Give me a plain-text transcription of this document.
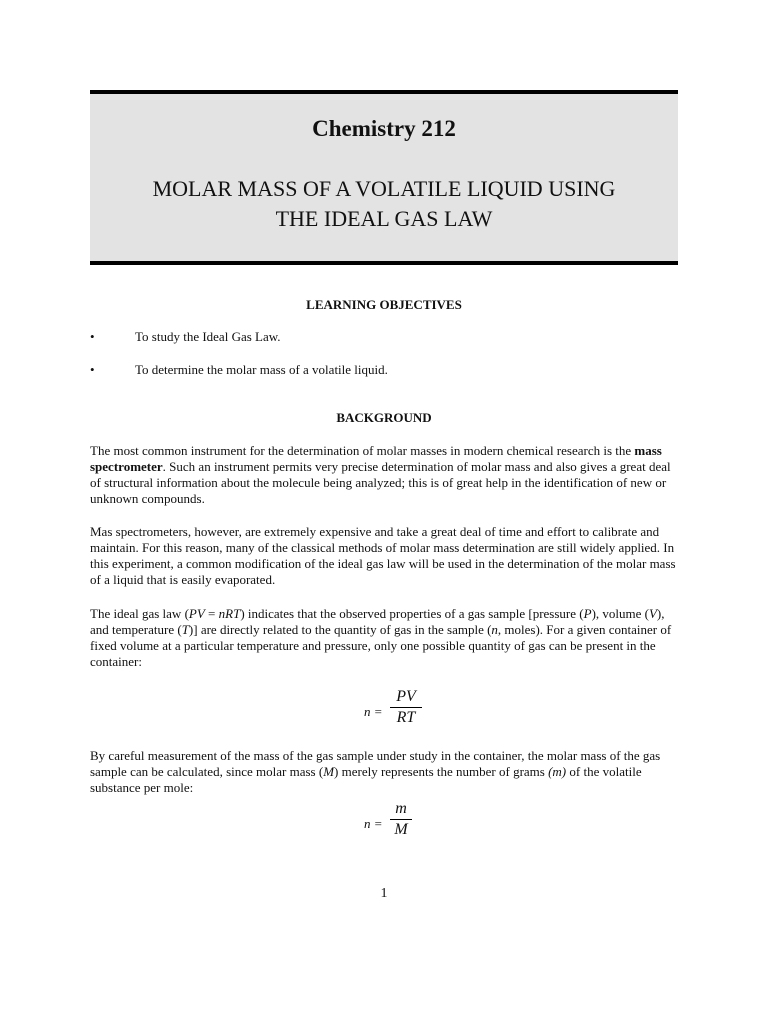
Chemistry 212
MOLAR MASS OF A VOLATILE LIQUID USING
THE IDEAL GAS LAW
LEARNING OBJECTIVES
•	To study the Ideal Gas Law.
•	To determine the molar mass of a volatile liquid.
BACKGROUND
The most common instrument for the determination of molar masses in modern chemical research is the mass spectrometer. Such an instrument permits very precise determination of molar mass and also gives a great deal of structural information about the molecule being analyzed; this is of great help in the identification of new or unknown compounds.
Mas spectrometers, however, are extremely expensive and take a great deal of time and effort to calibrate and maintain. For this reason, many of the classical methods of molar mass determination are still widely applied. In this experiment, a common modification of the ideal gas law will be used in the determination of the molar mass of a liquid that is easily evaporated.
The ideal gas law (PV = nRT) indicates that the observed properties of a gas sample [pressure (P), volume (V), and temperature (T)] are directly related to the quantity of gas in the sample (n, moles). For a given container of fixed volume at a particular temperature and pressure, only one possible quantity of gas can be present in the container:
n =
PV
RT
By careful measurement of the mass of the gas sample under study in the container, the molar mass of the gas sample can be calculated, since molar mass (M) merely represents the number of grams (m) of the volatile substance per mole:
n =
m
M
1
